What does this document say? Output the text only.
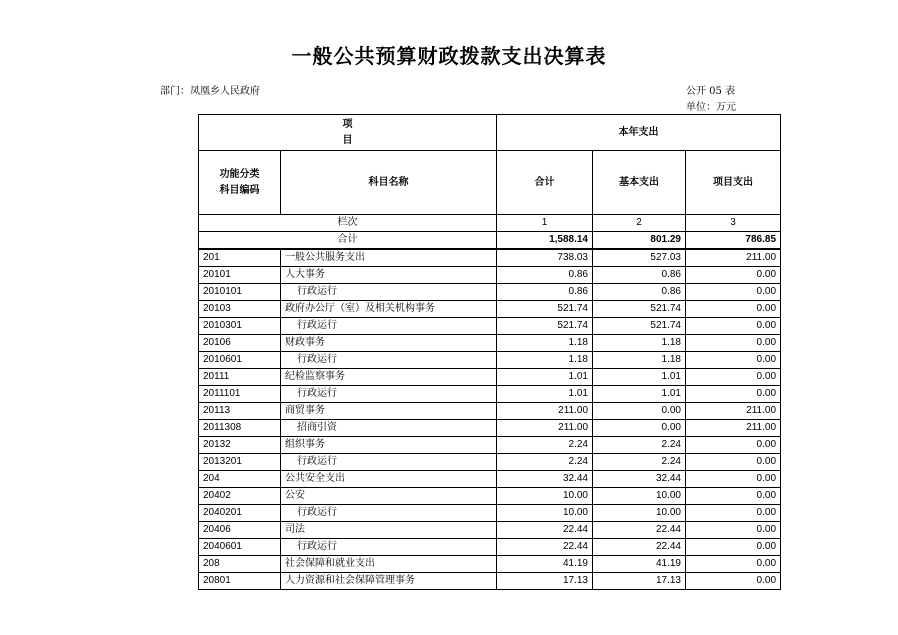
一般公共预算财政拨款支出决算表
部门：凤凰乡人民政府	公开 05 表
单位：万元
项
目		本年支出		

功能分类
科目编码	科目名称	合计	基本支出	项目支出
栏次		1	2	3
合计		1,588.14	801.29	786.85
201	一般公共服务支出	738.03	527.03	211.00
20101	人大事务	0.86	0.86	0.00
2010101	行政运行	0.86	0.86	0.00
20103	政府办公厅（室）及相关机构事务	521.74	521.74	0.00
2010301	行政运行	521.74	521.74	0.00
20106	财政事务	1.18	1.18	0.00
2010601	行政运行	1.18	1.18	0.00
20111	纪检监察事务	1.01	1.01	0.00
2011101	行政运行	1.01	1.01	0.00
20113	商贸事务	211.00	0.00	211.00
2011308	招商引资	211.00	0.00	211.00
20132	组织事务	2.24	2.24	0.00
2013201	行政运行	2.24	2.24	0.00
204	公共安全支出	32.44	32.44	0.00
20402	公安	10.00	10.00	0.00
2040201	行政运行	10.00	10.00	0.00
20406	司法	22.44	22.44	0.00
2040601	行政运行	22.44	22.44	0.00
208	社会保障和就业支出	41.19	41.19	0.00
20801	人力资源和社会保障管理事务	17.13	17.13	0.00
